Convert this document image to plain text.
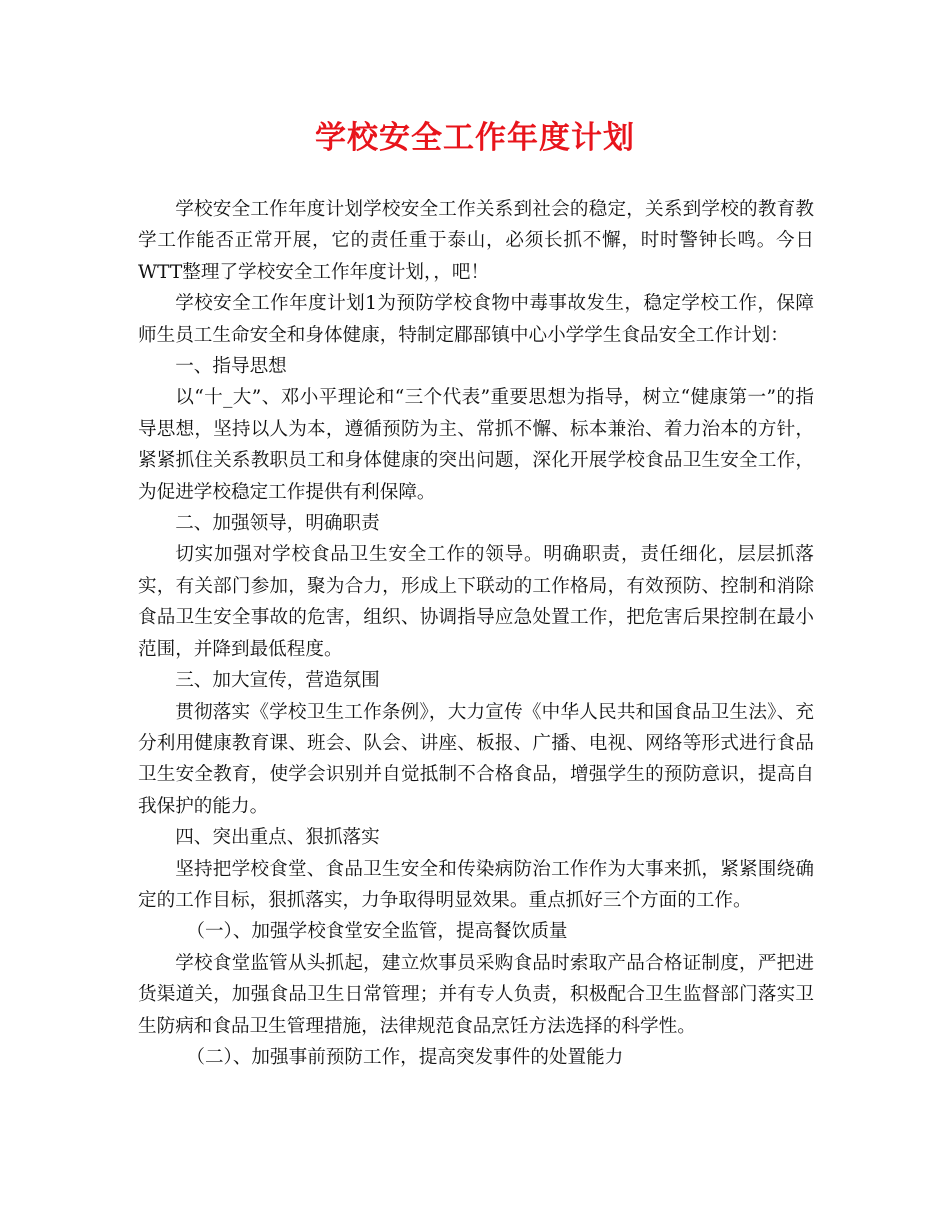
学校安全工作年度计划

学校安全工作年度计划学校安全工作关系到社会的稳定，关系到学校的教育教学工作能否正常开展，它的责任重于泰山，必须长抓不懈，时时警钟长鸣。今日WTT整理了学校安全工作年度计划，，吧！

学校安全工作年度计划1为预防学校食物中毒事故发生，稳定学校工作，保障师生员工生命安全和身体健康，特制定郿郚镇中心小学学生食品安全工作计划：

一、指导思想

以“十_大”、邓小平理论和“三个代表”重要思想为指导，树立“健康第一”的指导思想，坚持以人为本，遵循预防为主、常抓不懈、标本兼治、着力治本的方针，紧紧抓住关系教职员工和身体健康的突出问题，深化开展学校食品卫生安全工作，为促进学校稳定工作提供有利保障。

二、加强领导，明确职责

切实加强对学校食品卫生安全工作的领导。明确职责，责任细化，层层抓落实，有关部门参加，聚为合力，形成上下联动的工作格局，有效预防、控制和消除食品卫生安全事故的危害，组织、协调指导应急处置工作，把危害后果控制在最小范围，并降到最低程度。

三、加大宣传，营造氛围

贯彻落实《学校卫生工作条例》，大力宣传《中华人民共和国食品卫生法》、充分利用健康教育课、班会、队会、讲座、板报、广播、电视、网络等形式进行食品卫生安全教育，使学会识别并自觉抵制不合格食品，增强学生的预防意识，提高自我保护的能力。

四、突出重点、狠抓落实

坚持把学校食堂、食品卫生安全和传染病防治工作作为大事来抓，紧紧围绕确定的工作目标，狠抓落实，力争取得明显效果。重点抓好三个方面的工作。

（一）、加强学校食堂安全监管，提高餐饮质量

学校食堂监管从头抓起，建立炊事员采购食品时索取产品合格证制度，严把进货渠道关，加强食品卫生日常管理；并有专人负责，积极配合卫生监督部门落实卫生防病和食品卫生管理措施，法律规范食品烹饪方法选择的科学性。

（二）、加强事前预防工作，提高突发事件的处置能力
